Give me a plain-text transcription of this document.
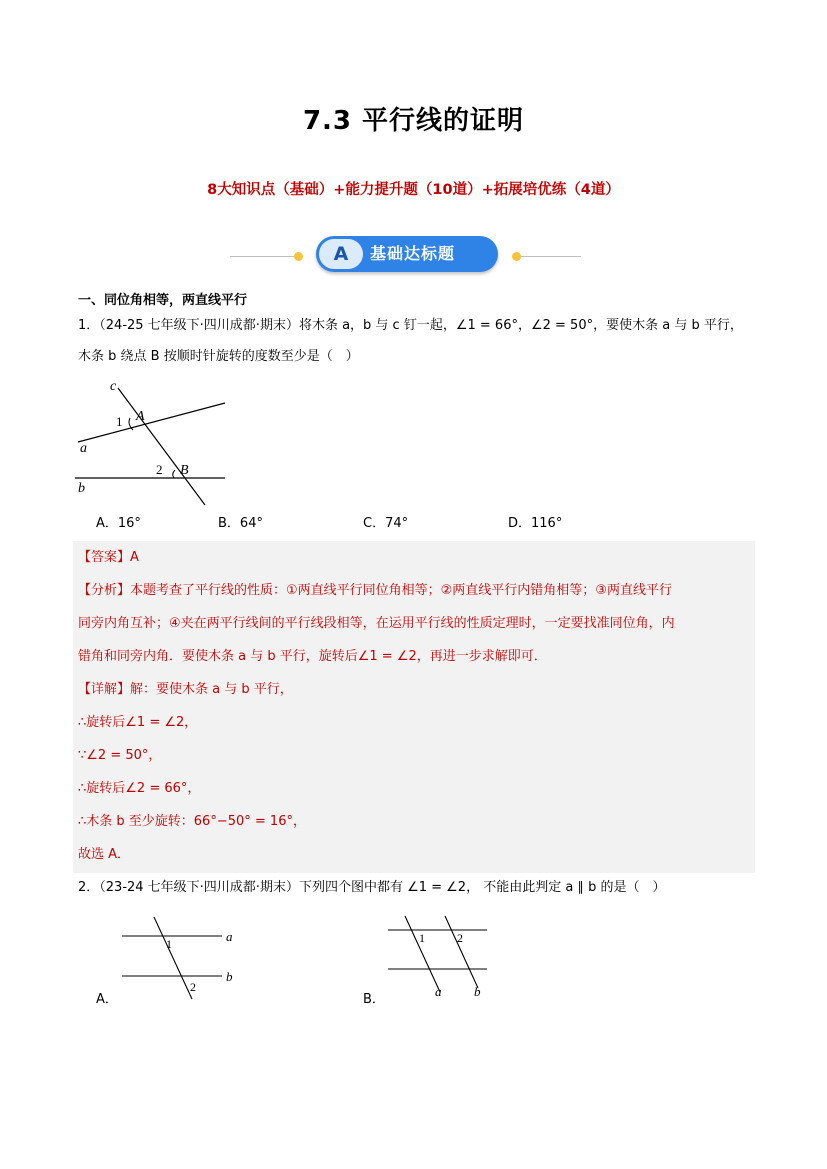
7.3 平行线的证明
8大知识点（基础）+能力提升题（10道）+拓展培优练（4道）
A	基础达标题
一、同位角相等，两直线平行
1．（24-25 七年级下·四川成都·期末）将木条 a，b 与 c 钉一起，∠1 = 66°，∠2 = 50°，要使木条 a 与 b 平行，
木条 b 绕点 B 按顺时针旋转的度数至少是（　）
c
a
b
A
B
1
2
A．16°	B．64°	C．74°	D．116°
【答案】A
【分析】本题考查了平行线的性质：①两直线平行同位角相等；②两直线平行内错角相等；③两直线平行
同旁内角互补；④夹在两平行线间的平行线段相等，在运用平行线的性质定理时，一定要找准同位角，内
错角和同旁内角．要使木条 a 与 b 平行，旋转后∠1 = ∠2，再进一步求解即可．
【详解】解：要使木条 a 与 b 平行，
∴旋转后∠1 = ∠2，
∵∠2 = 50°，
∴旋转后∠2 = 66°，
∴木条 b 至少旋转：66°−50° = 16°，
故选 A．
2．（23-24 七年级下·四川成都·期末）下列四个图中都有 ∠1 = ∠2， 不能由此判定 a ∥ b 的是（　）
a
b
1
2
A．
a	b
1	2
B．
